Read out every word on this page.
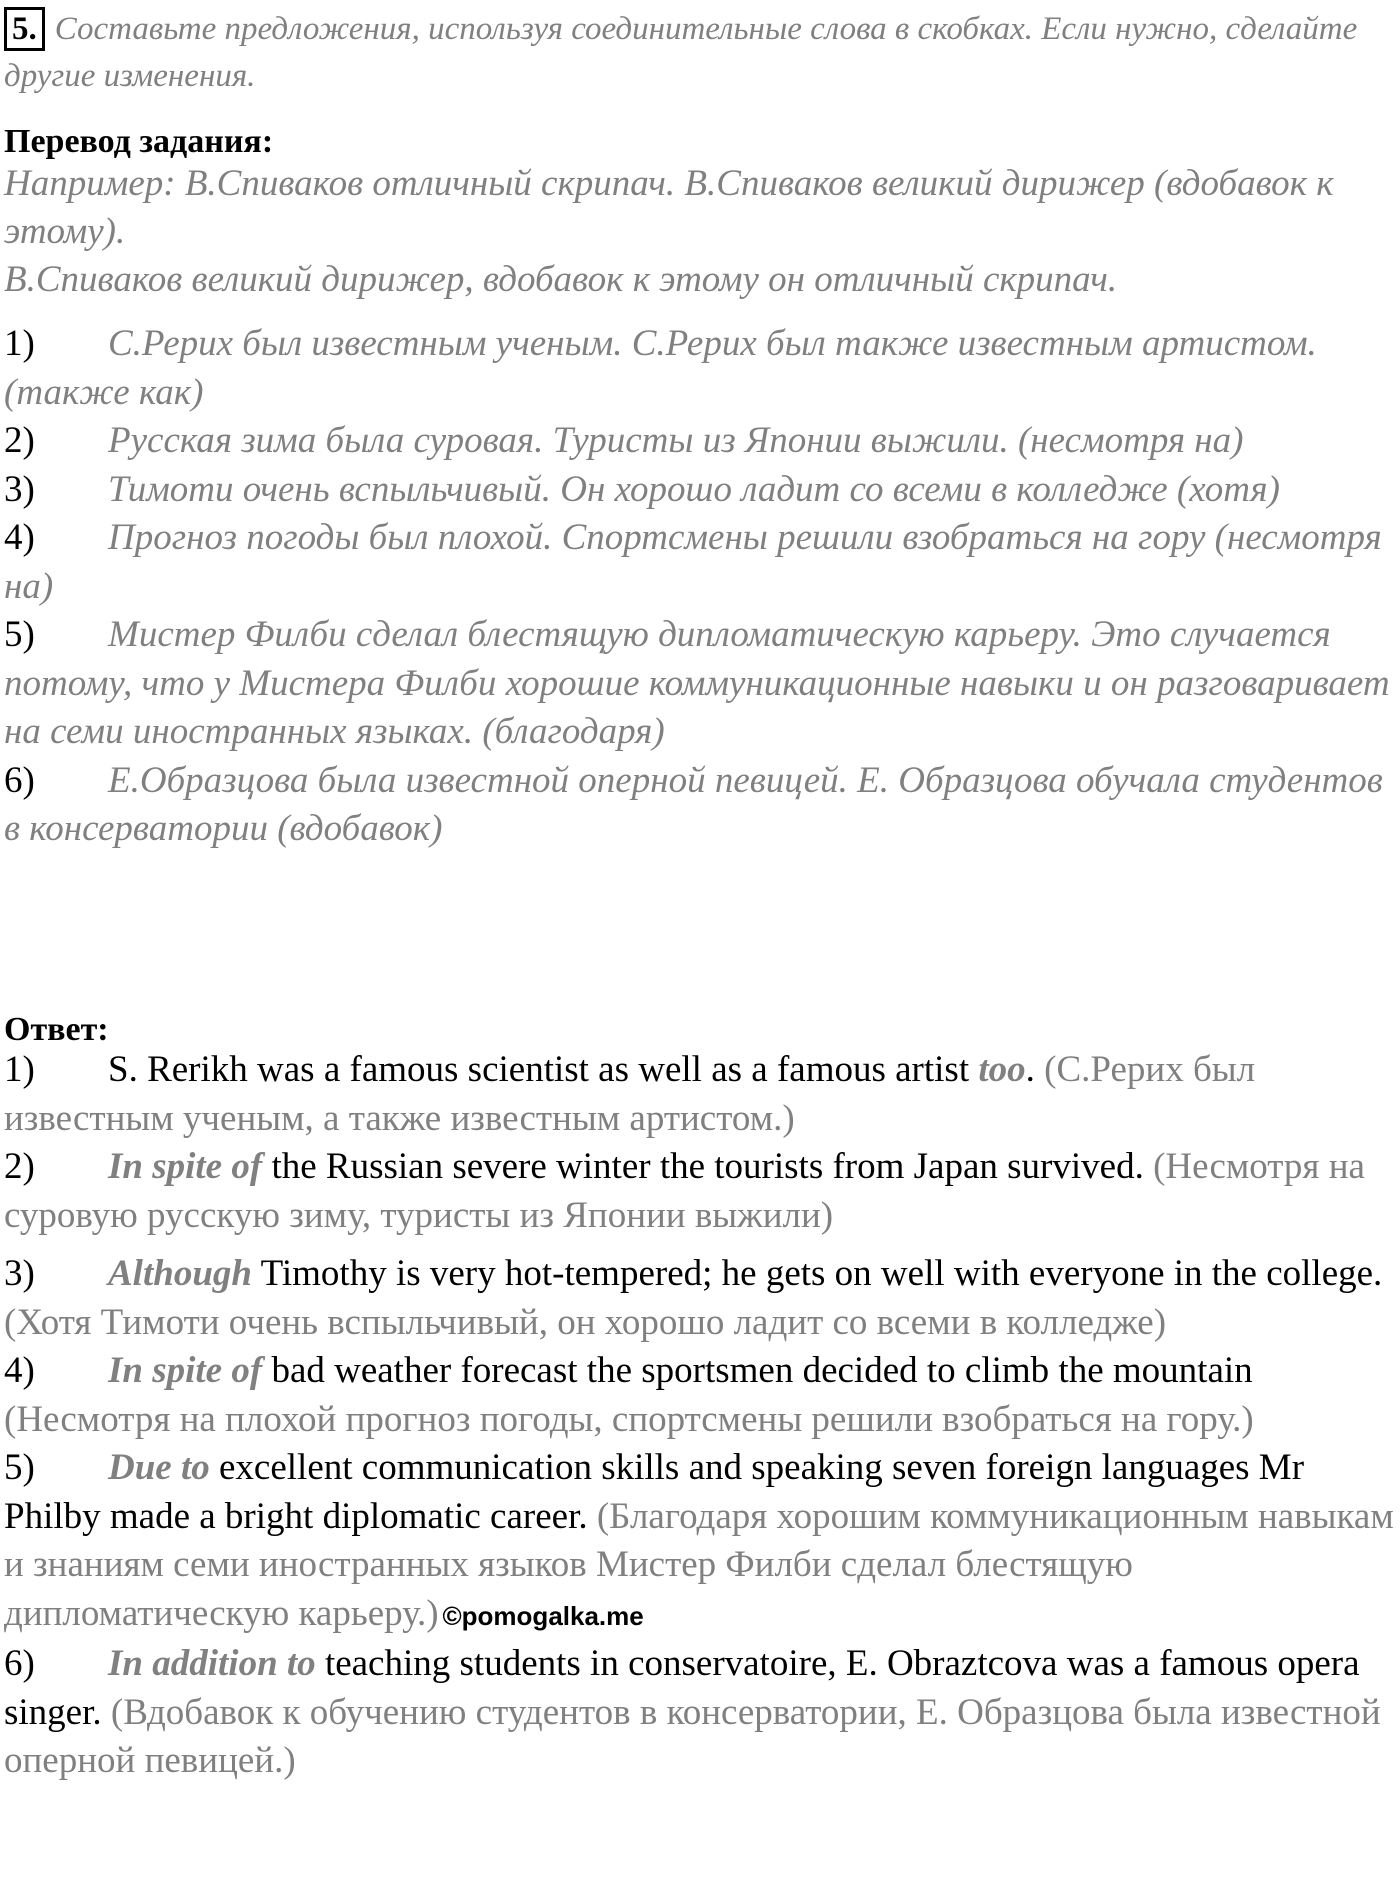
5. Составьте предложения, используя соединительные слова в скобках. Если нужно, сделайте другие изменения.
Перевод задания:

Например: В.Спиваков отличный скрипач. В.Спиваков великий дирижер (вдобавок к этому).

В.Спиваков великий дирижер, вдобавок к этому он отличный скрипач.

1) С.Рерих был известным ученым. С.Рерих был также известным артистом. (также как)

2) Русская зима была суровая. Туристы из Японии выжили. (несмотря на)

3) Тимоти очень вспыльчивый. Он хорошо ладит со всеми в колледже (хотя)

4) Прогноз погоды был плохой. Спортсмены решили взобраться на гору (несмотря на)

5) Мистер Филби сделал блестящую дипломатическую карьеру. Это случается потому, что у Мистера Филби хорошие коммуникационные навыки и он разговаривает на семи иностранных языках. (благодаря)

6) Е.Образцова была известной оперной певицей. Е. Образцова обучала студентов в консерватории (вдобавок)

Ответ:

1) S. Rerikh was a famous scientist as well as a famous artist too. (С.Рерих был известным ученым, а также известным артистом.)

2) In spite of the Russian severe winter the tourists from Japan survived. (Несмотря на суровую русскую зиму, туристы из Японии выжили)

3) Although Timothy is very hot-tempered; he gets on well with everyone in the college. (Хотя Тимоти очень вспыльчивый, он хорошо ладит со всеми в колледже)

4) In spite of bad weather forecast the sportsmen decided to climb the mountain (Несмотря на плохой прогноз погоды, спортсмены решили взобраться на гору.)

5) Due to excellent communication skills and speaking seven foreign languages Mr Philby made a bright diplomatic career. (Благодаря хорошим коммуникационным навыкам и знаниям семи иностранных языков Мистер Филби сделал блестящую дипломатическую карьеру.) ©pomogalka.me

6) In addition to teaching students in conservatoire, E. Obraztcova was a famous opera singer. (Вдобавок к обучению студентов в консерватории, Е. Образцова была известной оперной певицей.)
